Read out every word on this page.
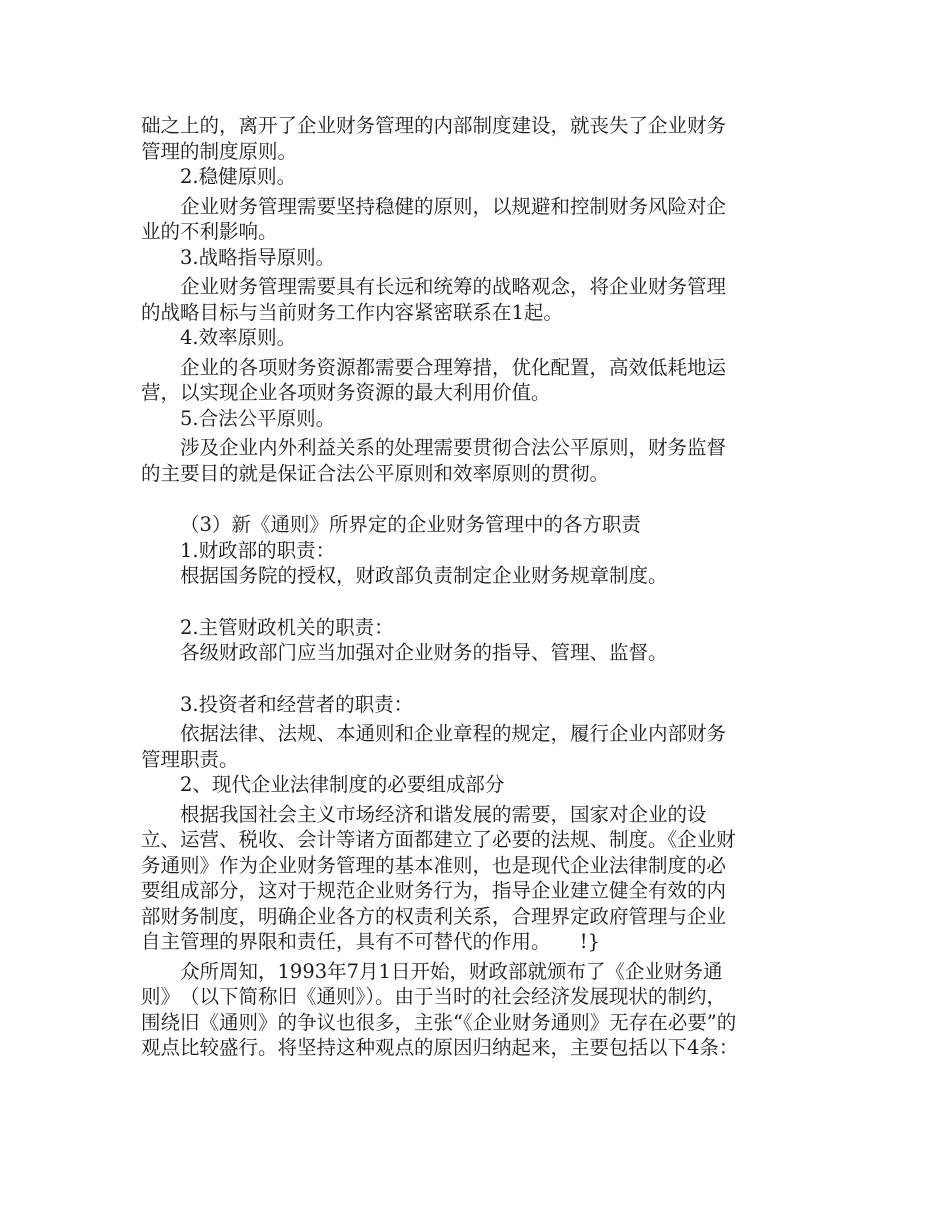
础之上的，离开了企业财务管理的内部制度建设，就丧失了企业财务管理的制度原则。

2.稳健原则。

企业财务管理需要坚持稳健的原则，以规避和控制财务风险对企业的不利影响。

3.战略指导原则。

企业财务管理需要具有长远和统筹的战略观念，将企业财务管理的战略目标与当前财务工作内容紧密联系在1起。

4.效率原则。

企业的各项财务资源都需要合理筹措，优化配置，高效低耗地运营，以实现企业各项财务资源的最大利用价值。

5.合法公平原则。

涉及企业内外利益关系的处理需要贯彻合法公平原则，财务监督的主要目的就是保证合法公平原则和效率原则的贯彻。

（3）新《通则》所界定的企业财务管理中的各方职责

1.财政部的职责：

根据国务院的授权，财政部负责制定企业财务规章制度。

2.主管财政机关的职责：

各级财政部门应当加强对企业财务的指导、管理、监督。

3.投资者和经营者的职责：

依据法律、法规、本通则和企业章程的规定，履行企业内部财务管理职责。

2、现代企业法律制度的必要组成部分

根据我国社会主义市场经济和谐发展的需要，国家对企业的设立、运营、税收、会计等诸方面都建立了必要的法规、制度。《企业财务通则》作为企业财务管理的基本准则，也是现代企业法律制度的必要组成部分，这对于规范企业财务行为，指导企业建立健全有效的内部财务制度，明确企业各方的权责利关系，合理界定政府管理与企业自主管理的界限和责任，具有不可替代的作用。　　!}

众所周知，1993年7月1日开始，财政部就颁布了《企业财务通则》　（以下简称旧《通则》）。由于当时的社会经济发展现状的制约，围绕旧《通则》的争议也很多，主张“《企业财务通则》无存在必要”的观点比较盛行。将坚持这种观点的原因归纳起来，主要包括以下4条：
